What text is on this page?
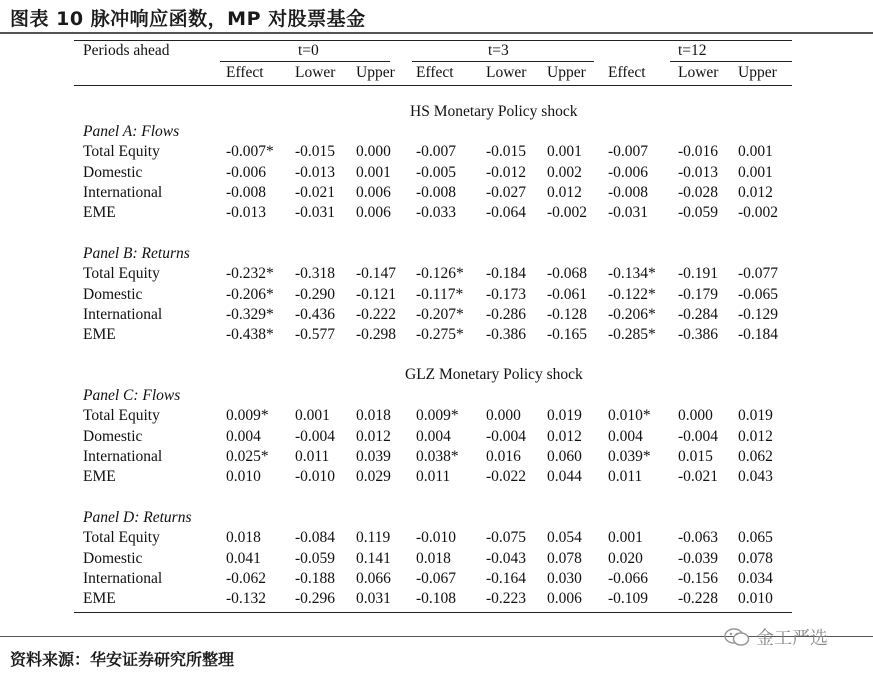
图表 10 脉冲响应函数，MP 对股票基金
Periods ahead	t=0	t=3	t=12
Effect Lower Upper Effect Lower Upper Effect Lower Upper
HS Monetary Policy shock
GLZ Monetary Policy shock
Panel A: Flows
Total Equity	-0.007* -0.015 0.000 -0.007 -0.015 0.001 -0.007 -0.016 0.001
Domestic	-0.006 -0.013 0.001 -0.005 -0.012 0.002 -0.006 -0.013 0.001
International	-0.008 -0.021 0.006 -0.008 -0.027 0.012 -0.008 -0.028 0.012
EME	-0.013 -0.031 0.006 -0.033 -0.064 -0.002 -0.031 -0.059 -0.002
Panel B: Returns
Total Equity	-0.232* -0.318 -0.147 -0.126* -0.184 -0.068 -0.134* -0.191 -0.077
Domestic	-0.206* -0.290 -0.121 -0.117* -0.173 -0.061 -0.122* -0.179 -0.065
International	-0.329* -0.436 -0.222 -0.207* -0.286 -0.128 -0.206* -0.284 -0.129
EME	-0.438* -0.577 -0.298 -0.275* -0.386 -0.165 -0.285* -0.386 -0.184
Panel C: Flows
Total Equity	0.009* 0.001 0.018 0.009* 0.000 0.019 0.010* 0.000 0.019
Domestic	0.004 -0.004 0.012 0.004 -0.004 0.012 0.004 -0.004 0.012
International	0.025* 0.011 0.039 0.038* 0.016 0.060 0.039* 0.015 0.062
EME	0.010 -0.010 0.029 0.011 -0.022 0.044 0.011 -0.021 0.043
Panel D: Returns
Total Equity	0.018 -0.084 0.119 -0.010 -0.075 0.054 0.001 -0.063 0.065
Domestic	0.041 -0.059 0.141 0.018 -0.043 0.078 0.020 -0.039 0.078
International	-0.062 -0.188 0.066 -0.067 -0.164 0.030 -0.066 -0.156 0.034
EME	-0.132 -0.296 0.031 -0.108 -0.223 0.006 -0.109 -0.228 0.010
资料来源：华安证券研究所整理
金工严选
